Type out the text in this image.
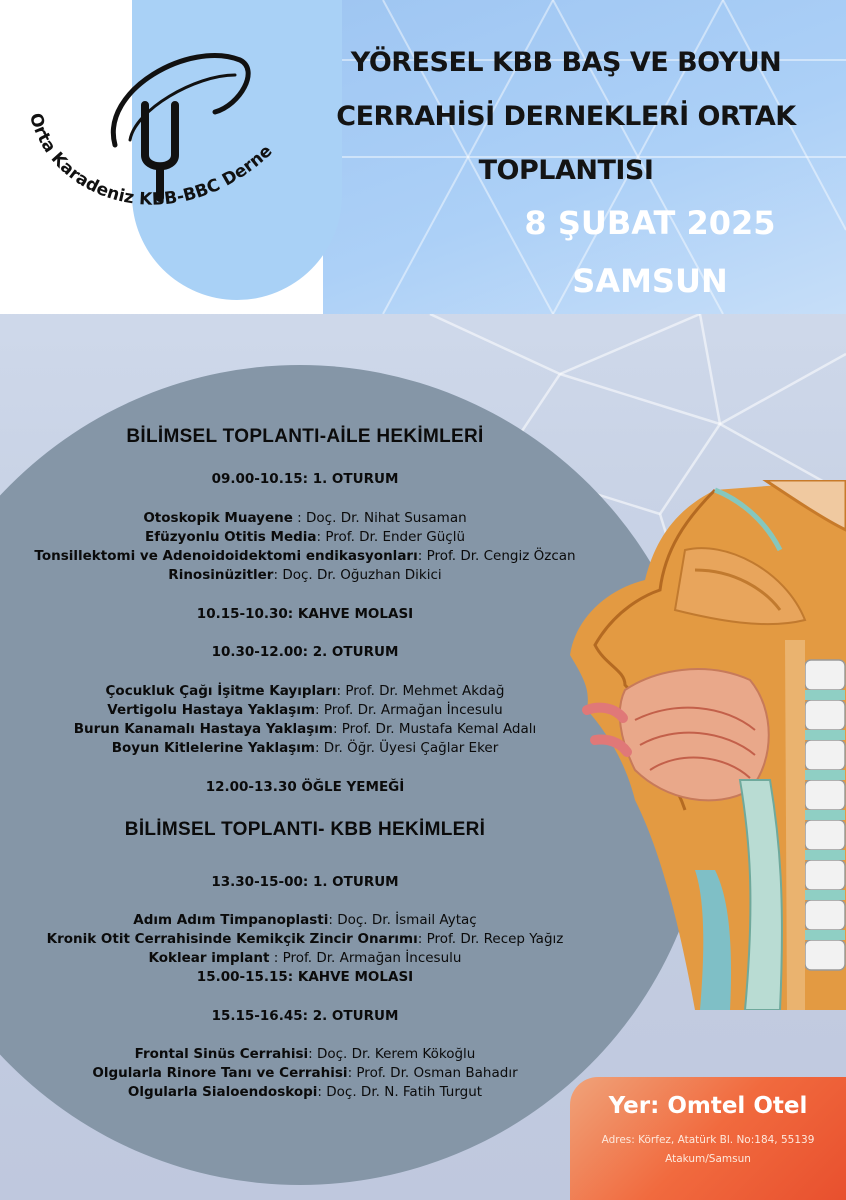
Orta Karadeniz KBB-BBC Derne
YÖRESEL KBB BAŞ VE BOYUN
CERRAHİSİ DERNEKLERİ ORTAK
TOPLANTISI
8 ŞUBAT 2025
SAMSUN
BİLİMSEL TOPLANTI-AİLE HEKİMLERİ
09.00-10.15: 1. OTURUM
Otoskopik Muayene : Doç. Dr. Nihat Susaman
Efüzyonlu Otitis Media: Prof. Dr. Ender Güçlü
Tonsillektomi ve Adenoidoidektomi endikasyonları: Prof. Dr. Cengiz Özcan
Rinosinüzitler: Doç. Dr. Oğuzhan Dikici
10.15-10.30: KAHVE MOLASI
10.30-12.00: 2. OTURUM
Çocukluk Çağı İşitme Kayıpları: Prof. Dr. Mehmet Akdağ
Vertigolu Hastaya Yaklaşım: Prof. Dr. Armağan İncesulu
Burun Kanamalı Hastaya Yaklaşım: Prof. Dr. Mustafa Kemal Adalı
Boyun Kitlelerine Yaklaşım: Dr. Öğr. Üyesi Çağlar Eker
12.00-13.30 ÖĞLE YEMEĞİ
BİLİMSEL TOPLANTI- KBB HEKİMLERİ
13.30-15-00: 1. OTURUM
Adım Adım Timpanoplasti: Doç. Dr. İsmail Aytaç
Kronik Otit Cerrahisinde Kemikçik Zincir Onarımı: Prof. Dr. Recep Yağız
Koklear implant : Prof. Dr. Armağan İncesulu
15.00-15.15: KAHVE MOLASI
15.15-16.45: 2. OTURUM
Frontal Sinüs Cerrahisi: Doç. Dr. Kerem Kökoğlu
Olgularla Rinore Tanı ve Cerrahisi: Prof. Dr. Osman Bahadır
Olgularla Sialoendoskopi: Doç. Dr. N. Fatih Turgut
Yer: Omtel Otel
Adres: Körfez, Atatürk Bl. No:184, 55139
Atakum/Samsun
